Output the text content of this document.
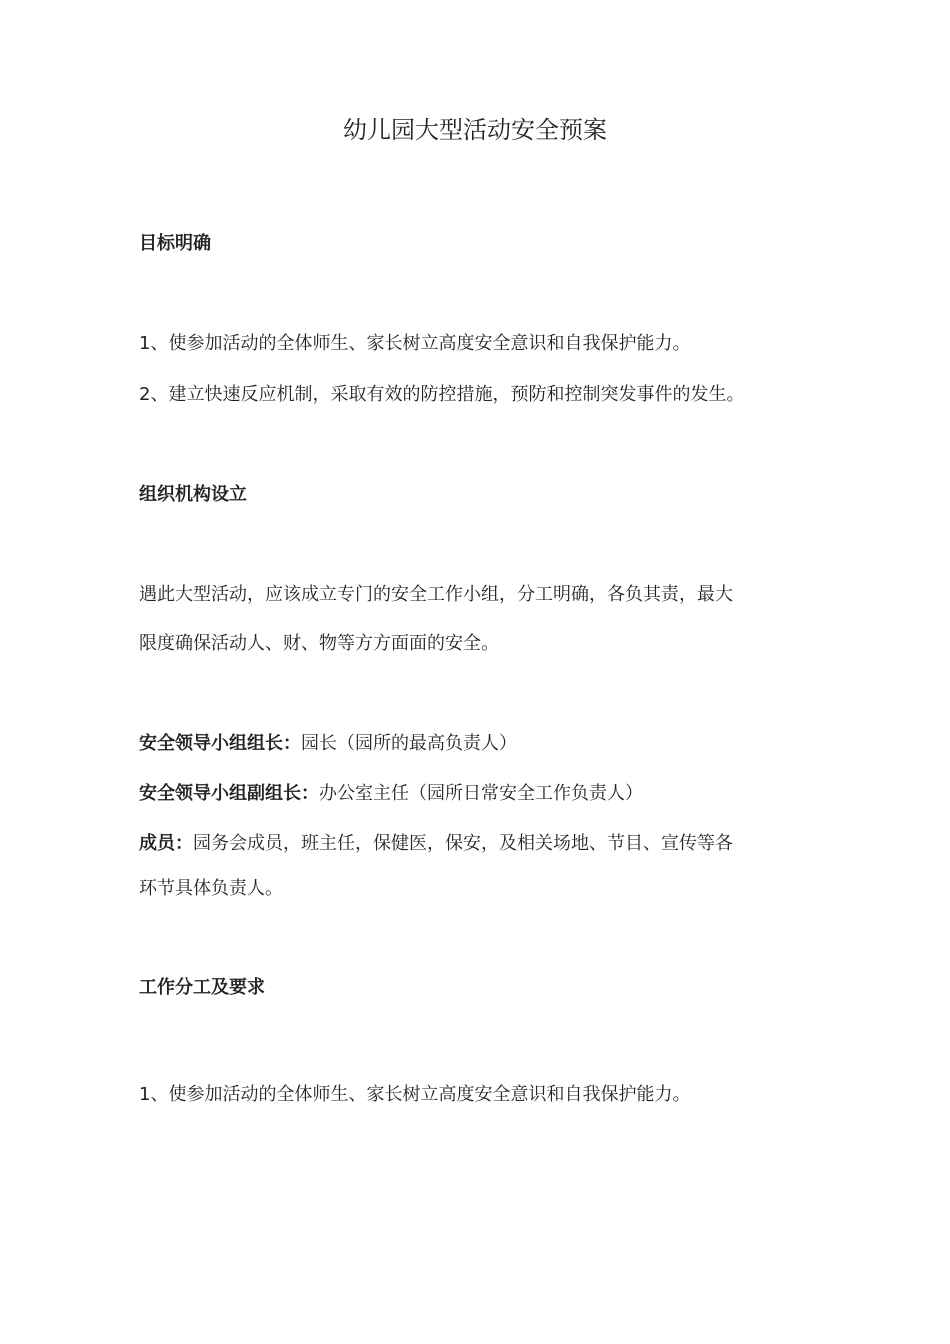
幼儿园大型活动安全预案
目标明确

1、使参加活动的全体师生、家长树立高度安全意识和自我保护能力。

2、建立快速反应机制，采取有效的防控措施，预防和控制突发事件的发生。

组织机构设立

遇此大型活动，应该成立专门的安全工作小组，分工明确，各负其责，最大

限度确保活动人、财、物等方方面面的安全。

安全领导小组组长：园长（园所的最高负责人）

安全领导小组副组长：办公室主任（园所日常安全工作负责人）

成员：园务会成员，班主任，保健医，保安，及相关场地、节目、宣传等各

环节具体负责人。

工作分工及要求

1、使参加活动的全体师生、家长树立高度安全意识和自我保护能力。
